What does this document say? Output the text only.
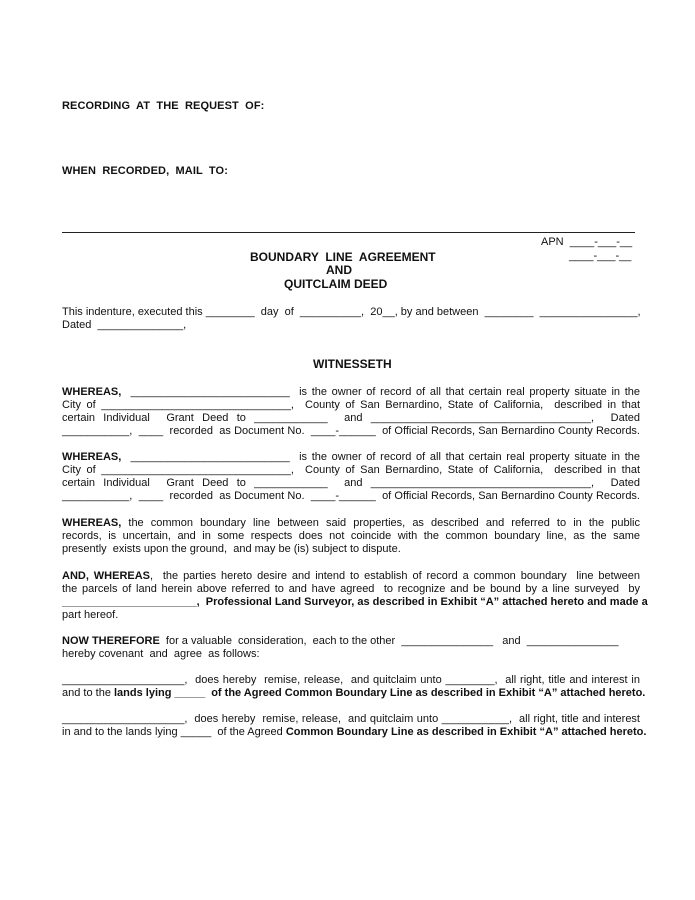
RECORDING  AT  THE  REQUEST  OF:
WHEN  RECORDED,  MAIL  TO:
APN  ____-___-__
____-___-__
BOUNDARY  LINE  AGREEMENT
AND
QUITCLAIM DEED
This indenture, executed this ________  day  of  __________,  20__, by and between  ________  ________________,
Dated  ______________,
WITNESSETH
WHEREAS,  __________________________  is the owner of record of all that certain real property situate in the
City of _______________________________,  County of San Bernardino, State of California,  described in that
certain Individual  Grant Deed to ____________  and ____________________________________,  Dated
___________,  ____  recorded  as Document No.  ____-______  of Official Records, San Bernardino County Records.
WHEREAS,  __________________________  is the owner of record of all that certain real property situate in the
City of _______________________________,  County of San Bernardino, State of California,  described in that
certain Individual  Grant Deed to ____________  and ____________________________________,  Dated
___________,  ____  recorded  as Document No.  ____-______  of Official Records, San Bernardino County Records.
WHEREAS,  the  common  boundary  line  between  said  properties,  as  described  and  referred  to  in  the  public
records,  is  uncertain,  and  in  some  respects  does  not  coincide  with  the  common  boundary  line,  as  the  same
presently  exists upon the ground,  and may be (is) subject to dispute.
AND, WHEREAS,  the parties hereto desire and intend to establish of record a common boundary  line between
the parcels of land herein above referred to and have agreed  to recognize and be bound by a line surveyed  by
______________________,  Professional Land Surveyor, as described in Exhibit “A” attached hereto and made a
part hereof.
NOW THEREFORE  for a valuable  consideration,  each to the other  _______________   and  _______________
hereby covenant  and  agree  as follows:
____________________,  does hereby  remise, release,  and quitclaim unto ________,  all right, title and interest in
and to the lands lying _____  of the Agreed Common Boundary Line as described in Exhibit “A” attached hereto.
____________________,  does hereby  remise, release,  and quitclaim unto ___________,  all right, title and interest
in and to the lands lying _____  of the Agreed Common Boundary Line as described in Exhibit “A” attached hereto.
